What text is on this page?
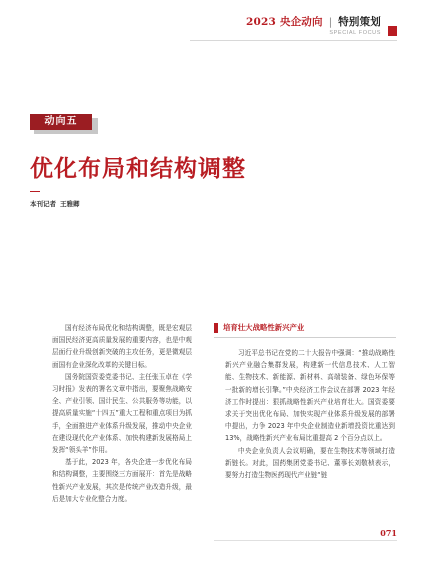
2023 央企动向 | 特别策划
SPECIAL FOCUS
动向五
优化布局和结构调整
本刊记者 王雅卿

国有经济布局优化和结构调整，既是宏观层面国民经济更高质量发展的重要内容，也是中观层面行业升级创新突破的主攻任务，更是微观层面国有企业深化改革的关键目标。

国务院国资委党委书记、主任张玉卓在《学习时报》发表的署名文章中指出，要聚焦战略安全、产业引领、国计民生、公共服务等功能，以提高质量实施“十四五”重大工程和重点项目为抓手，全面推进产业体系升级发展，推动中央企业在建设现代化产业体系、加快构建新发展格局上发挥“领头羊”作用。

基于此，2023 年，各央企进一步优化布局和结构调整，主要围绕三方面展开：首先是战略性新兴产业发展，其次是传统产业改造升级，最后是加大专业化整合力度。

培育壮大战略性新兴产业

习近平总书记在党的二十大报告中强调：“推动战略性新兴产业融合集群发展，构建新一代信息技术、人工智能、生物技术、新能源、新材料、高端装备、绿色环保等一批新的增长引擎。”中央经济工作会议在部署 2023 年经济工作时提出：狠抓战略性新兴产业培育壮大。国资委要求关于突出优化布局、加快实现产业体系升级发展的部署中提出，力争 2023 年中央企业制造业新增投资比重达到 13%，战略性新兴产业布局比重提高 2 个百分点以上。

中央企业负责人会议明确，要在生物技术等领域打造新链长。对此，国药集团党委书记、董事长刘敬桢表示，要努力打造生物医药现代产业链“链

071
